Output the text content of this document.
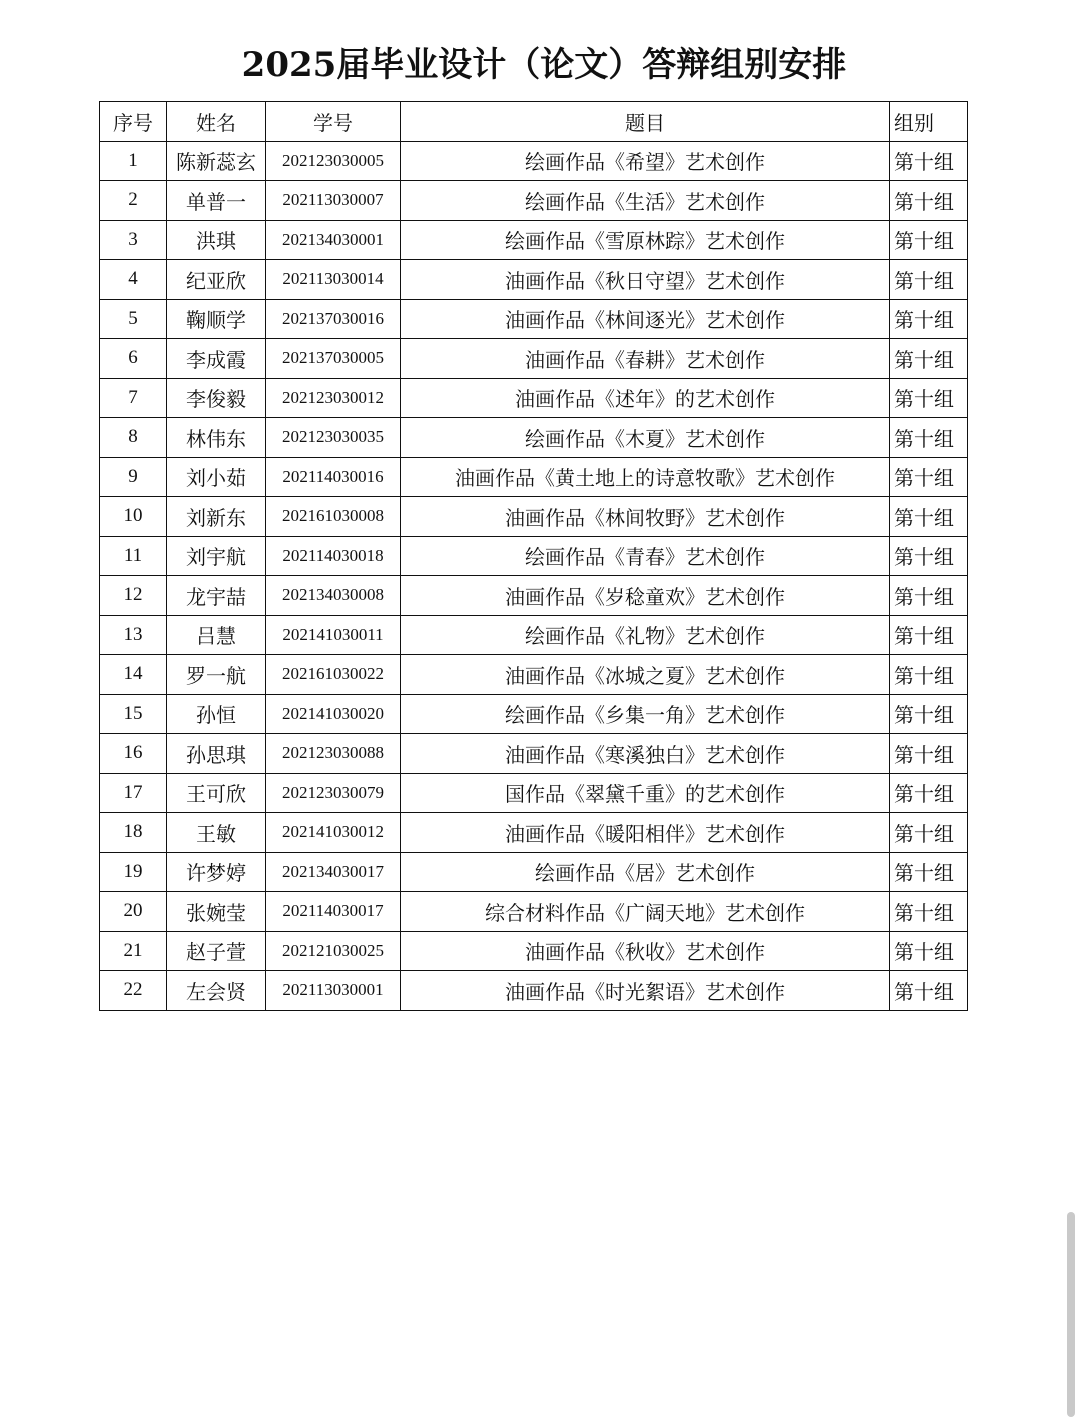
2025届毕业设计（论文）答辩组别安排
序号	姓名	学号	题目	组别
1	陈新蕊玄	202123030005	绘画作品《希望》艺术创作	第十组
2	单普一	202113030007	绘画作品《生活》艺术创作	第十组
3	洪琪	202134030001	绘画作品《雪原林踪》艺术创作	第十组
4	纪亚欣	202113030014	油画作品《秋日守望》艺术创作	第十组
5	鞠顺学	202137030016	油画作品《林间逐光》艺术创作	第十组
6	李成霞	202137030005	油画作品《春耕》艺术创作	第十组
7	李俊毅	202123030012	油画作品《述年》的艺术创作	第十组
8	林伟东	202123030035	绘画作品《木夏》艺术创作	第十组
9	刘小茹	202114030016	油画作品《黄土地上的诗意牧歌》艺术创作	第十组
10	刘新东	202161030008	油画作品《林间牧野》艺术创作	第十组
11	刘宇航	202114030018	绘画作品《青春》艺术创作	第十组
12	龙宇喆	202134030008	油画作品《岁稔童欢》艺术创作	第十组
13	吕慧	202141030011	绘画作品《礼物》艺术创作	第十组
14	罗一航	202161030022	油画作品《冰城之夏》艺术创作	第十组
15	孙恒	202141030020	绘画作品《乡集一角》艺术创作	第十组
16	孙思琪	202123030088	油画作品《寒溪独白》艺术创作	第十组
17	王可欣	202123030079	国作品《翠黛千重》的艺术创作	第十组
18	王敏	202141030012	油画作品《暖阳相伴》艺术创作	第十组
19	许梦婷	202134030017	绘画作品《居》艺术创作	第十组
20	张婉莹	202114030017	综合材料作品《广阔天地》艺术创作	第十组
21	赵子萱	202121030025	油画作品《秋收》艺术创作	第十组
22	左会贤	202113030001	油画作品《时光絮语》艺术创作	第十组
